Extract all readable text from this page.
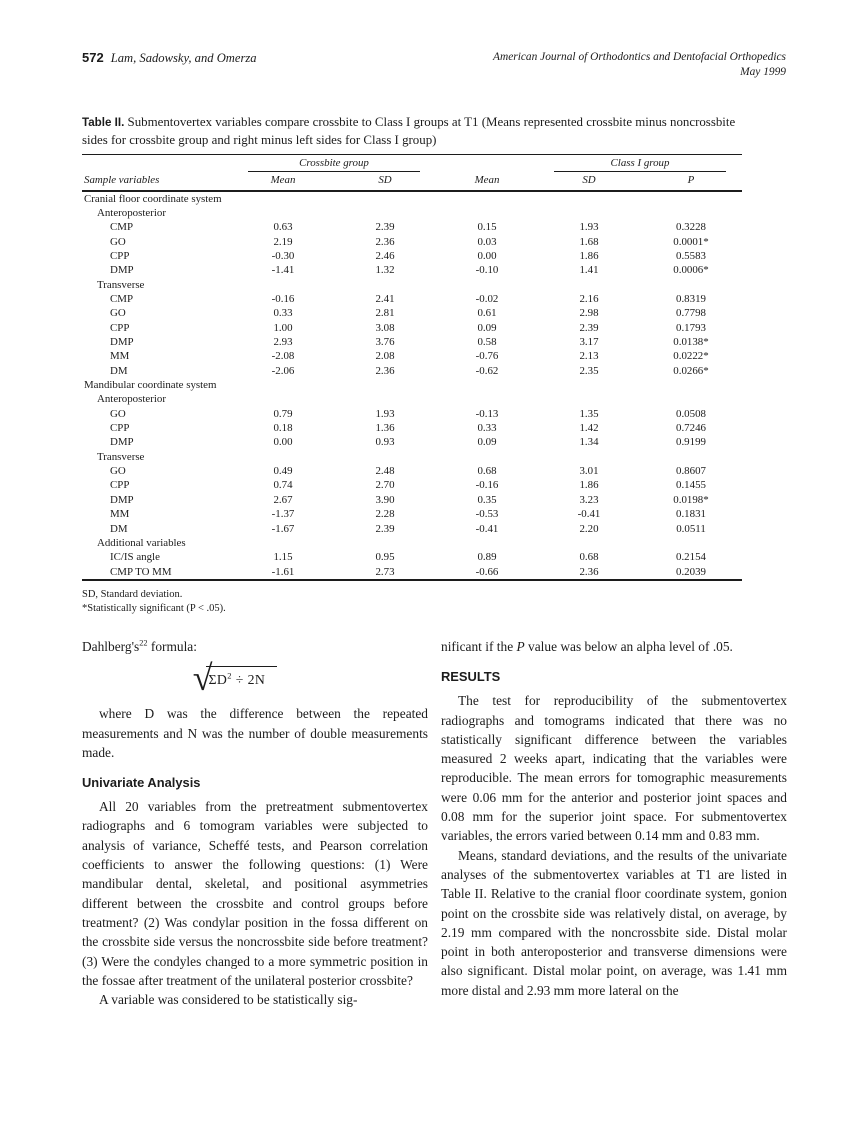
572 Lam, Sadowsky, and Omerza	American Journal of Orthodontics and Dentofacial Orthopedics
May 1999
Table II. Submentovertex variables compare crossbite to Class I groups at T1 (Means represented crossbite minus noncrossbite sides for crossbite group and right minus left sides for Class I group)

	Crossbite group			Class I group	

Sample variables	Mean	SD	Mean	SD	P
Cranial floor coordinate system					
Anteroposterior					
CMP	0.63	2.39	0.15	1.93	0.3228
GO	2.19	2.36	0.03	1.68	0.0001*
CPP	-0.30	2.46	0.00	1.86	0.5583
DMP	-1.41	1.32	-0.10	1.41	0.0006*
Transverse					
CMP	-0.16	2.41	-0.02	2.16	0.8319
GO	0.33	2.81	0.61	2.98	0.7798
CPP	1.00	3.08	0.09	2.39	0.1793
DMP	2.93	3.76	0.58	3.17	0.0138*
MM	-2.08	2.08	-0.76	2.13	0.0222*
DM	-2.06	2.36	-0.62	2.35	0.0266*
Mandibular coordinate system					
Anteroposterior					
GO	0.79	1.93	-0.13	1.35	0.0508
CPP	0.18	1.36	0.33	1.42	0.7246
DMP	0.00	0.93	0.09	1.34	0.9199
Transverse					
GO	0.49	2.48	0.68	3.01	0.8607
CPP	0.74	2.70	-0.16	1.86	0.1455
DMP	2.67	3.90	0.35	3.23	0.0198*
MM	-1.37	2.28	-0.53	-0.41	0.1831
DM	-1.67	2.39	-0.41	2.20	0.0511
Additional variables					
IC/IS angle	1.15	0.95	0.89	0.68	0.2154
CMP TO MM	-1.61	2.73	-0.66	2.36	0.2039
SD, Standard deviation.
*Statistically significant (P < .05).

$Dahlberg's^{22}$ formula:

√
$\Sigma D^2 \div 2N$

where D was the difference between the repeated measurements and N was the number of double measurements made.

Univariate Analysis

All 20 variables from the pretreatment submentovertex radiographs and 6 tomogram variables were subjected to analysis of variance, Scheffé tests, and Pearson correlation coefficients to answer the following questions: (1) Were mandibular dental, skeletal, and positional asymmetries different between the crossbite and control groups before treatment? (2) Was condylar position in the fossa different on the crossbite side versus the noncrossbite side before treatment? (3) Were the condyles changed to a more symmetric position in the fossae after treatment of the unilateral posterior crossbite?

A variable was considered to be statistically sig-

nificant if the P value was below an alpha level of .05.

RESULTS

The test for reproducibility of the submentovertex radiographs and tomograms indicated that there was no statistically significant difference between the variables measured 2 weeks apart, indicating that the variables were reproducible. The mean errors for tomographic measurements were 0.06 mm for the anterior and posterior joint spaces and 0.08 mm for the superior joint space. For submentovertex variables, the errors varied between 0.14 mm and 0.83 mm.

Means, standard deviations, and the results of the univariate analyses of the submentovertex variables at T1 are listed in Table II. Relative to the cranial floor coordinate system, gonion point on the crossbite side was relatively distal, on average, by 2.19 mm compared with the noncrossbite side. Distal molar point in both anteroposterior and transverse dimensions were also significant. Distal molar point, on average, was 1.41 mm more distal and 2.93 mm more lateral on the
